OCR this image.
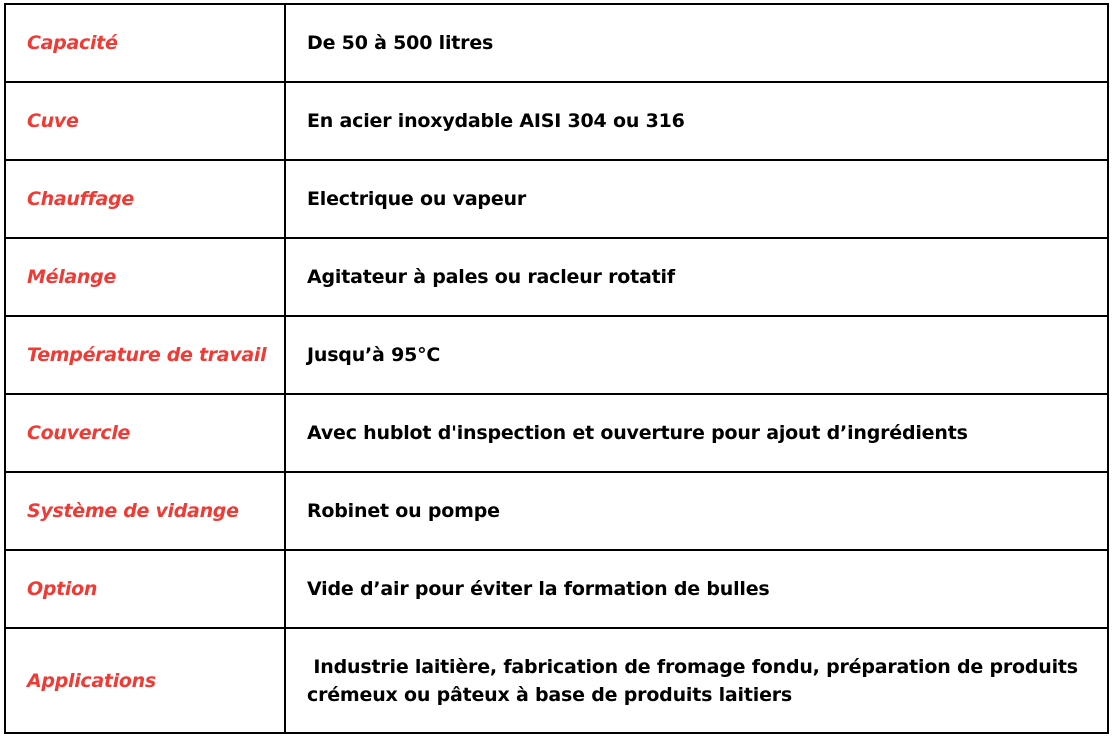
Capacité	De 50 à 500 litres
Cuve	En acier inoxydable AISI 304 ou 316
Chauffage	Electrique ou vapeur
Mélange	Agitateur à pales ou racleur rotatif
Température de travail	Jusqu’à 95°C
Couvercle	Avec hublot d'inspection et ouverture pour ajout d’ingrédients
Système de vidange	Robinet ou pompe
Option	Vide d’air pour éviter la formation de bulles
Applications	Industrie laitière, fabrication de fromage fondu, préparation de produits crémeux ou pâteux à base de produits laitiers
